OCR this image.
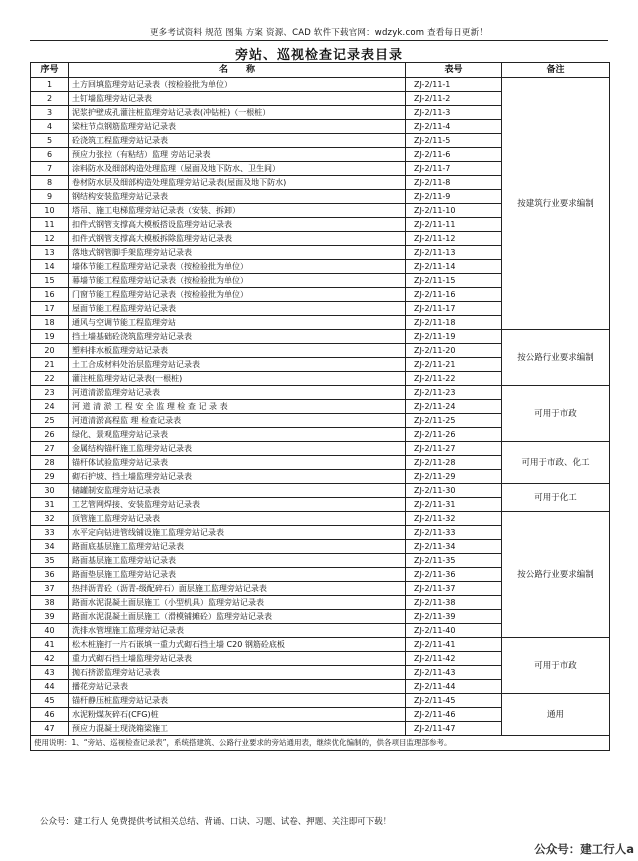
更多考试资料 规范 图集 方案 资源、CAD 软件下载官网：wdzyk.com 查看每日更新！
旁站、巡视检查记录表目录
序号	名　　称	表号	备注
1	土方回填监理旁站记录表（按检验批为单位）	ZJ-2/11-1	按建筑行业要求编制
2	土钉墙监理旁站记录表	ZJ-2/11-2	
3	泥浆护壁成孔灌注桩监理旁站记录表(冲钻桩)（一根桩）	ZJ-2/11-3	
4	梁柱节点钢筋监理旁站记录表	ZJ-2/11-4	
5	砼浇筑工程监理旁站记录表	ZJ-2/11-5	
6	预应力张拉（有粘结）监理 旁站记录表	ZJ-2/11-6	
7	涂料防水及细部构造处理监理（屋面及地下防水、卫生间）	ZJ-2/11-7	
8	卷材防水层及细部构造处理监理旁站记录表(屋面及地下防水)	ZJ-2/11-8	
9	钢结构安装监理旁站记录表	ZJ-2/11-9	
10	塔吊、施工电梯监理旁站记录表（安装、拆卸）	ZJ-2/11-10	
11	扣件式钢管支撑高大模板搭设监理旁站记录表	ZJ-2/11-11	
12	扣件式钢管支撑高大模板拆除监理旁站记录表	ZJ-2/11-12	
13	落地式钢管脚手架监理旁站记录表	ZJ-2/11-13	
14	墙体节能工程监理旁站记录表（按检验批为单位）	ZJ-2/11-14	
15	幕墙节能工程监理旁站记录表（按检验批为单位）	ZJ-2/11-15	
16	门窗节能工程监理旁站记录表（按检验批为单位）	ZJ-2/11-16	
17	屋面节能工程监理旁站记录表	ZJ-2/11-17	
18	通风与空调节能工程监理旁站	ZJ-2/11-18	
19	挡土墙基础砼浇筑监理旁站记录表	ZJ-2/11-19	按公路行业要求编制
20	塑料排水板监理旁站记录表	ZJ-2/11-20	
21	土工合成材料处治层监理旁站记录表	ZJ-2/11-21	
22	灌注桩监理旁站记录表(一根桩)	ZJ-2/11-22	
23	河道清淤监理旁站记录表	ZJ-2/11-23	可用于市政
24	河 道 清 淤 工 程 安 全 监 理 检 查 记 录 表	ZJ-2/11-24	
25	河道清淤高程监 理 检查记录表	ZJ-2/11-25	
26	绿化、景观监理旁站记录表	ZJ-2/11-26	
27	金属结构锚杆施工监理旁站记录表	ZJ-2/11-27	可用于市政、化工
28	锚杆体试验监理旁站记录表	ZJ-2/11-28	
29	砌石护坡、挡土墙监理旁站记录表	ZJ-2/11-29	
30	储罐制安监理旁站记录表	ZJ-2/11-30	可用于化工
31	工艺管网焊接、安装监理旁站记录表	ZJ-2/11-31	
32	顶管施工监理旁站记录表	ZJ-2/11-32	按公路行业要求编制
33	水平定向钻进管线铺设施工监理旁站记录表	ZJ-2/11-33	
34	路面底基层施工监理旁站记录表	ZJ-2/11-34	
35	路面基层施工监理旁站记录表	ZJ-2/11-35	
36	路面垫层施工监理旁站记录表	ZJ-2/11-36	
37	热拌沥青砼（沥青-级配碎石）面层施工监理旁站记录表	ZJ-2/11-37	
38	路面水泥混凝土面层施工（小型机具）监理旁站记录表	ZJ-2/11-38	
39	路面水泥混凝土面层施工（滑模铺摊砼）监理旁站记录表	ZJ-2/11-39	
40	洗排水管埋施工监理旁站记录表	ZJ-2/11-40	
41	松木桩施打一片石嵌填一重力式砌石挡土墙 C20 钢筋砼底板	ZJ-2/11-41	可用于市政
42	重力式砌石挡土墙监理旁站记录表	ZJ-2/11-42	
43	抛石挤淤监理旁站记录表	ZJ-2/11-43	
44	播花旁站记录表	ZJ-2/11-44	
45	锚杆静压桩监理旁站记录表	ZJ-2/11-45	通用
46	水泥粉煤灰碎石(CFG)桩	ZJ-2/11-46	
47	预应力混凝土现浇箱梁施工	ZJ-2/11-47	
使用说明：1、“旁站、巡视检查记录表”，系统搭建筑、公路行业要求的旁站通用表，继续优化编制的，供各项目监理部参考。			
公众号：建工行人 免费提供考试相关总结、背诵、口诀、习题、试卷、押题、关注即可下载！
公众号：建工行人a
